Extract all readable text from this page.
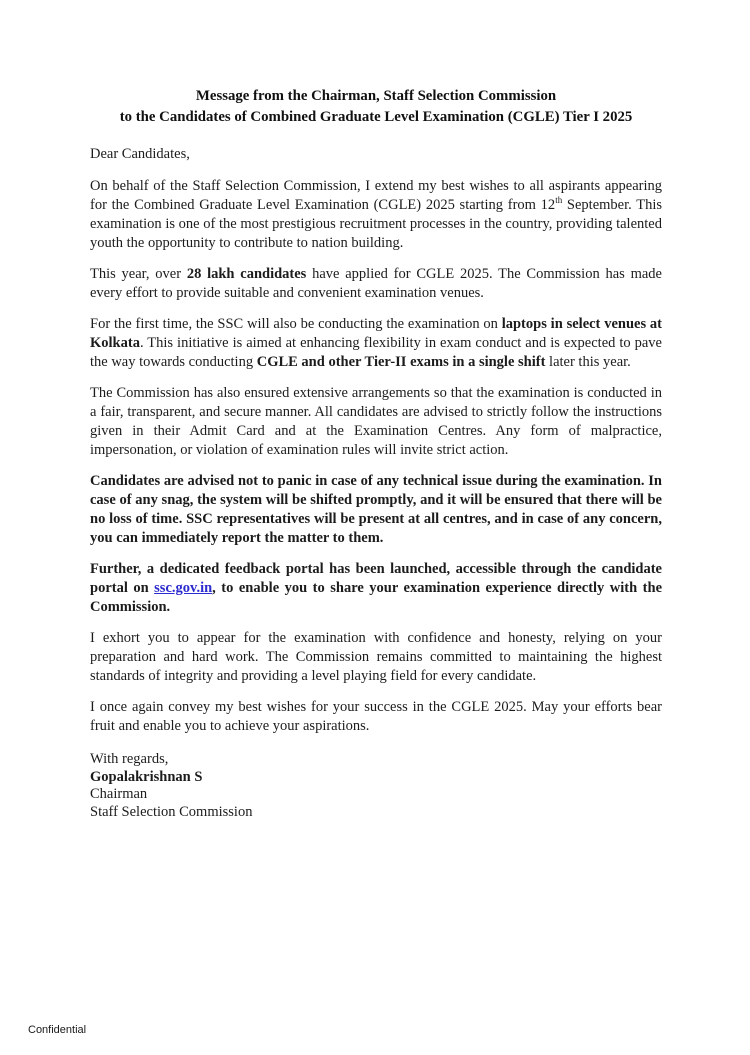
Message from the Chairman, Staff Selection Commission
to the Candidates of Combined Graduate Level Examination (CGLE) Tier I 2025

Dear Candidates,

On behalf of the Staff Selection Commission, I extend my best wishes to all aspirants appearing for the Combined Graduate Level Examination (CGLE) 2025 starting from 12th September. This examination is one of the most prestigious recruitment processes in the country, providing talented youth the opportunity to contribute to nation building.

This year, over 28 lakh candidates have applied for CGLE 2025. The Commission has made every effort to provide suitable and convenient examination venues.

For the first time, the SSC will also be conducting the examination on laptops in select venues at Kolkata. This initiative is aimed at enhancing flexibility in exam conduct and is expected to pave the way towards conducting CGLE and other Tier-II exams in a single shift later this year.

The Commission has also ensured extensive arrangements so that the examination is conducted in a fair, transparent, and secure manner. All candidates are advised to strictly follow the instructions given in their Admit Card and at the Examination Centres. Any form of malpractice, impersonation, or violation of examination rules will invite strict action.

Candidates are advised not to panic in case of any technical issue during the examination. In case of any snag, the system will be shifted promptly, and it will be ensured that there will be no loss of time. SSC representatives will be present at all centres, and in case of any concern, you can immediately report the matter to them.

Further, a dedicated feedback portal has been launched, accessible through the candidate portal on ssc.gov.in, to enable you to share your examination experience directly with the Commission.

I exhort you to appear for the examination with confidence and honesty, relying on your preparation and hard work. The Commission remains committed to maintaining the highest standards of integrity and providing a level playing field for every candidate.

I once again convey my best wishes for your success in the CGLE 2025. May your efforts bear fruit and enable you to achieve your aspirations.

With regards,
Gopalakrishnan S
Chairman
Staff Selection Commission
Confidential
